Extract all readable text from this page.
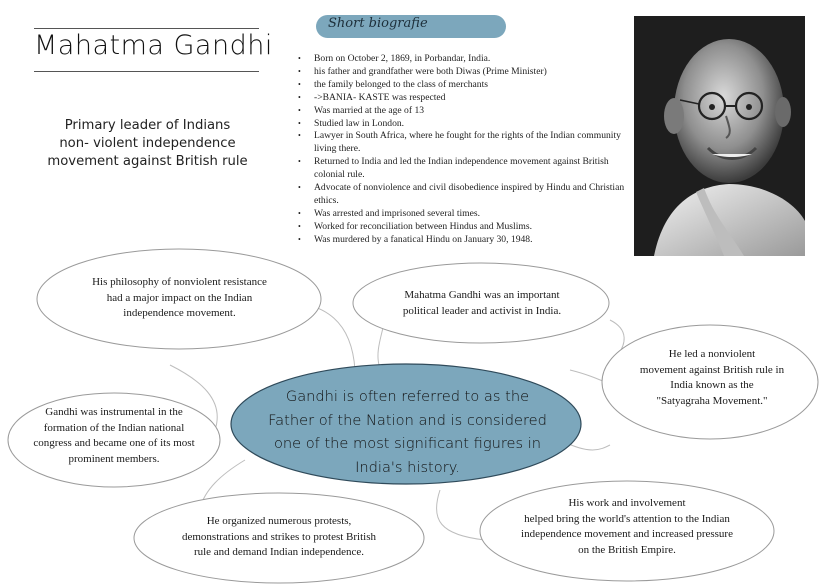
Mahatma Gandhi
Primary leader of Indians
non- violent independence
movement against British rule
Short biografie
• Born on October 2, 1869, in Porbandar, India.
• his father and grandfather were both Diwas (Prime Minister)
• the family belonged to the class of merchants
• ->BANIA- KASTE was respected
• Was married at the age of 13
• Studied law in London.
• Lawyer in South Africa, where he fought for the rights of the Indian community living there.
• Returned to India and led the Indian independence movement against British colonial rule.
• Advocate of nonviolence and civil disobedience inspired by Hindu and Christian ethics.
• Was arrested and imprisoned several times.
• Worked for reconciliation between Hindus and Muslims.
• Was murdered by a fanatical Hindu on January 30, 1948.
His philosophy of nonviolent resistance
had a major impact on the Indian
independence movement.
Mahatma Gandhi was an important
political leader and activist in India.
He led a nonviolent
movement against British rule in
India known as the
"Satyagraha Movement."
Gandhi was instrumental in the
formation of the Indian national
congress and became one of its most
prominent members.
He organized numerous protests,
demonstrations and strikes to protest British
rule and demand Indian independence.
His work and involvement
helped bring the world's attention to the Indian
independence movement and increased pressure
on the British Empire.
Gandhi is often referred to as the
Father of the Nation and is considered
one of the most significant figures in
India's history.
